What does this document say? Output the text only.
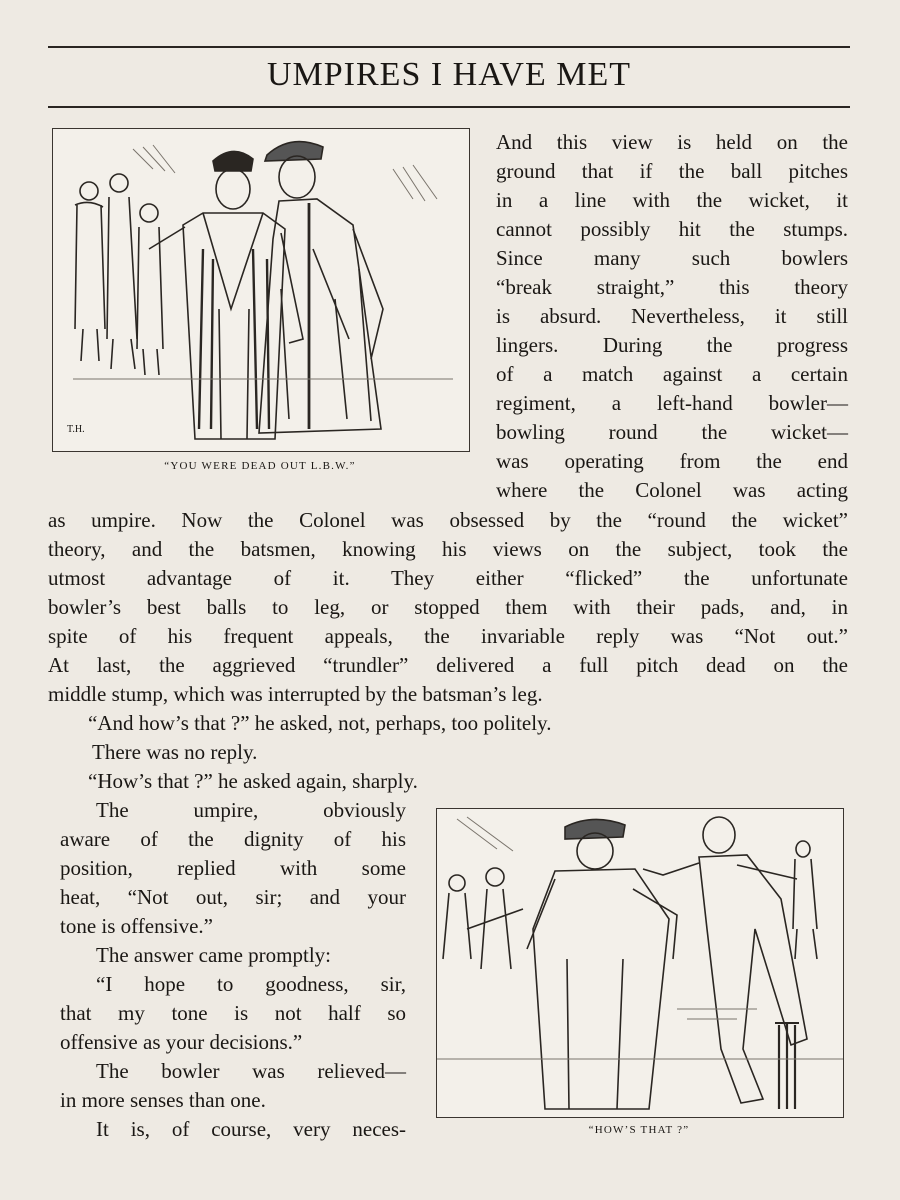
UMPIRES I HAVE MET
T.H.
“YOU WERE DEAD OUT L.B.W.”
And this view is held on the
ground that if the ball pitches
in a line with the wicket, it
cannot possibly hit the stumps.
Since many such bowlers
“break straight,” this theory
is absurd. Nevertheless, it still
lingers. During the progress
of a match against a certain
regiment, a left-hand bowler—
bowling round the wicket—
was operating from the end
where the Colonel was acting
as umpire. Now the Colonel was obsessed by the “round the wicket”
theory, and the batsmen, knowing his views on the subject, took the
utmost advantage of it. They either “flicked” the unfortunate
bowler’s best balls to leg, or stopped them with their pads, and, in
spite of his frequent appeals, the invariable reply was “Not out.”
At last, the aggrieved “trundler” delivered a full pitch dead on the
middle stump, which was interrupted by the batsman’s leg.
“And how’s that ?” he asked, not, perhaps, too politely.
There was no reply.
“How’s that ?” he asked again, sharply.
The umpire, obviously
aware of the dignity of his
position, replied with some
heat, “Not out, sir; and your
tone is offensive.”
The answer came promptly:
“I hope to goodness, sir,
that my tone is not half so
offensive as your decisions.”
The bowler was relieved—
in more senses than one.
It is, of course, very neces-	“HOW’S THAT ?”
